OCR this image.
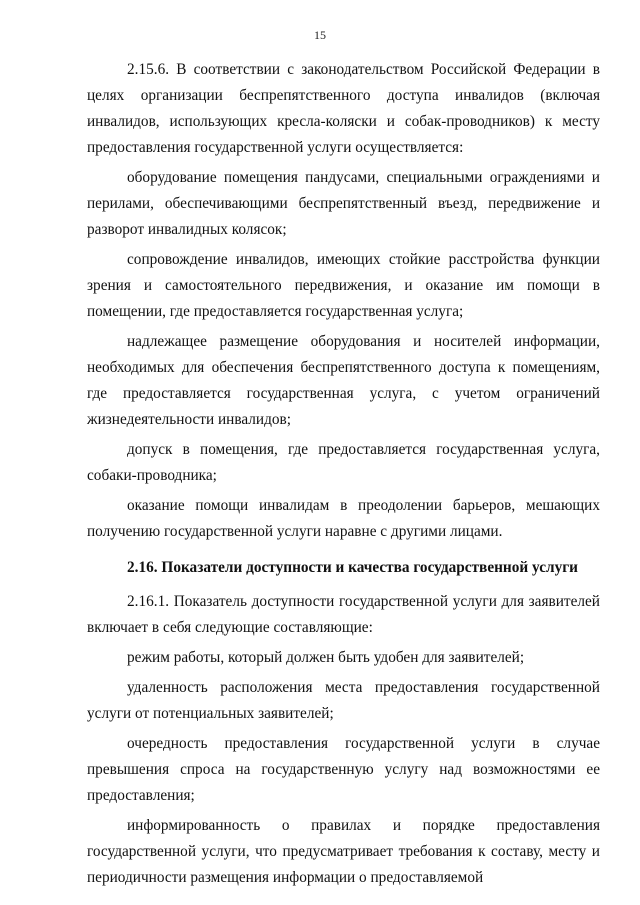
15

2.15.6. В соответствии с законодательством Российской Федерации в целях организации беспрепятственного доступа инвалидов (включая инвалидов, использующих кресла-коляски и собак-проводников) к месту предоставления государственной услуги осуществляется:

оборудование помещения пандусами, специальными ограждениями и перилами, обеспечивающими беспрепятственный въезд, передвижение и разворот инвалидных колясок;

сопровождение инвалидов, имеющих стойкие расстройства функции зрения и самостоятельного передвижения, и оказание им помощи в помещении, где предоставляется государственная услуга;

надлежащее размещение оборудования и носителей информации, необходимых для обеспечения беспрепятственного доступа к помещениям, где предоставляется государственная услуга, с учетом ограничений жизнедеятельности инвалидов;

допуск в помещения, где предоставляется государственная услуга, собаки-проводника;

оказание помощи инвалидам в преодолении барьеров, мешающих получению государственной услуги наравне с другими лицами.

2.16. Показатели доступности и качества государственной услуги

2.16.1. Показатель доступности государственной услуги для заявителей включает в себя следующие составляющие:

режим работы, который должен быть удобен для заявителей;

удаленность расположения места предоставления государственной услуги от потенциальных заявителей;

очередность предоставления государственной услуги в случае превышения спроса на государственную услугу над возможностями ее предоставления;

информированность о правилах и порядке предоставления государственной услуги, что предусматривает требования к составу, месту и периодичности размещения информации о предоставляемой
